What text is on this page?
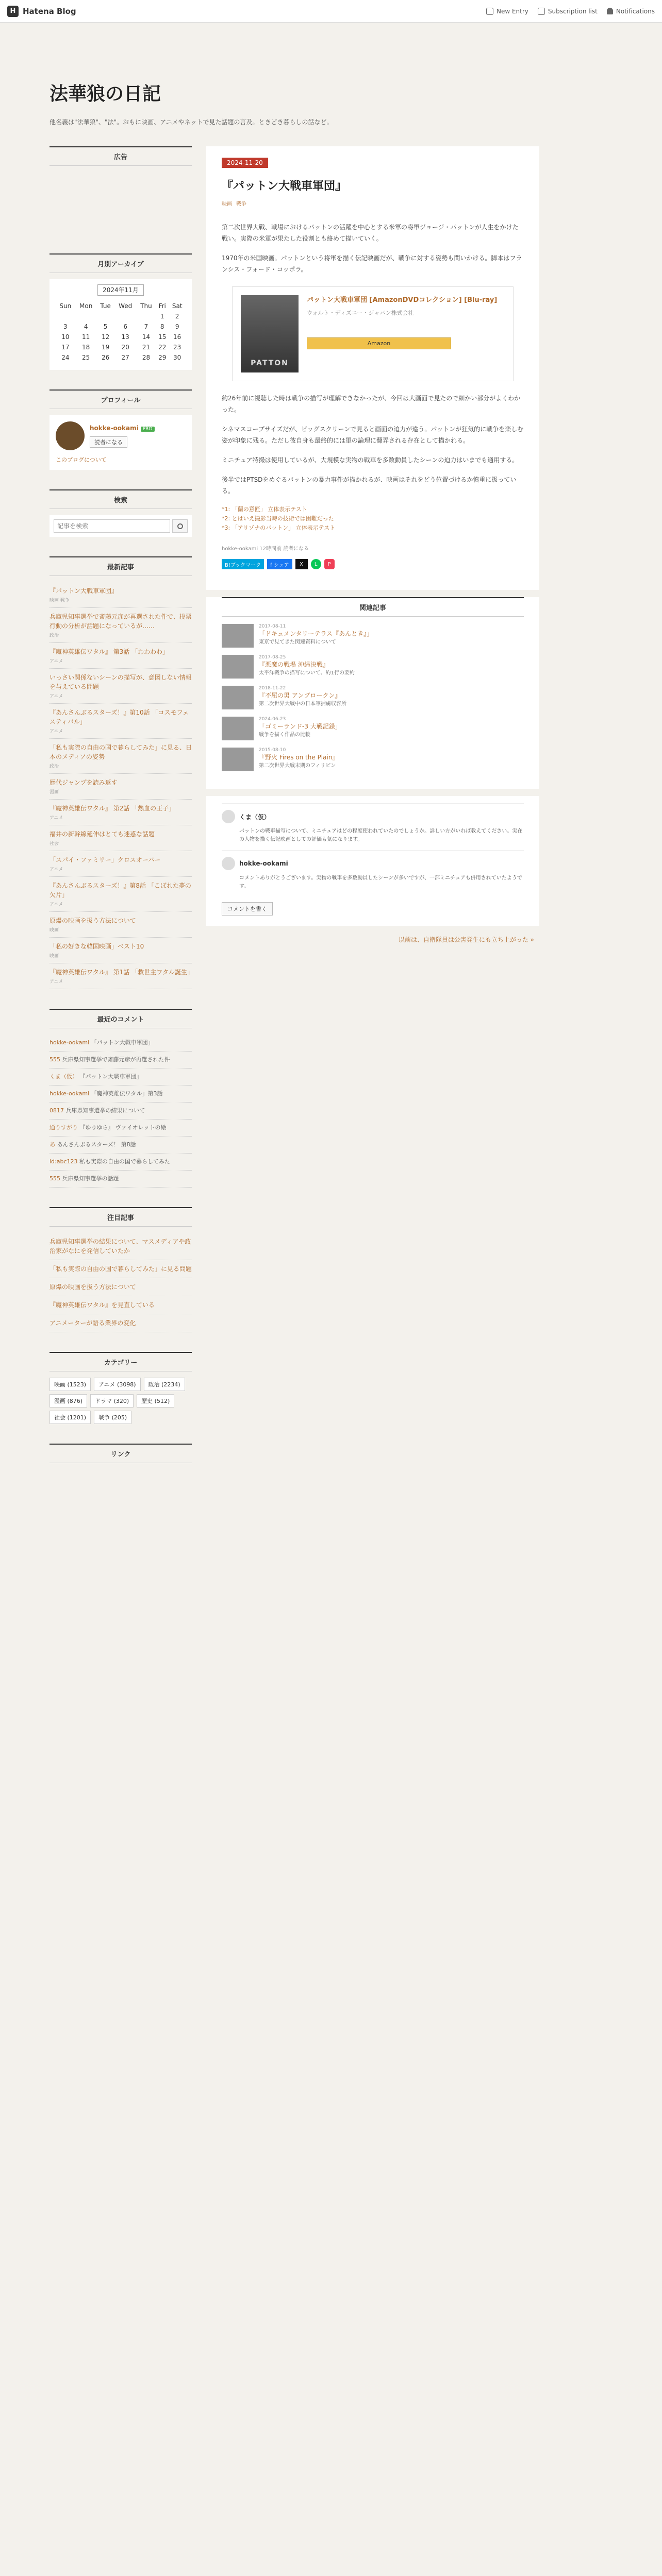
H Hatena Blog	New Entry	Subscription list	Notifications
法華狼の日記
他名義は"法華狼"、"法"。おもに映画、アニメやネットで見た話題の言及。ときどき暮らしの話など。
広告
月別アーカイブ
2024年11月
Sun	Mon	Tue	Wed	Thu	Fri	Sat
					1	2
3	4	5	6	7	8	9
10	11	12	13	14	15	16
17	18	19	20	21	22	23
24	25	26	27	28	29	30
プロフィール
hokke-ookami PRO
読者になる
このブログについて
検索
記事を検索
最新記事
『パットン大戦車軍団』
映画 戦争
兵庫県知事選挙で斎藤元彦が再選された件で、投票行動の分析が話題になっているが……
政治
『魔神英雄伝ワタル』 第3話 「わわわわ」
アニメ
いっさい関係ないシーンの描写が、意図しない情報を与えている問題
アニメ
『あんさんぶるスターズ！』第10話 「コスモフェスティバル」
アニメ
「私も実際の自由の国で暮らしてみた」に見る、日本のメディアの姿勢
政治
歴代ジャンプを読み返す
漫画
『魔神英雄伝ワタル』 第2話 「熱血の王子」
アニメ
福井の新幹線延伸はとても迷惑な話題
社会
「スパイ・ファミリー」クロスオーバー
アニメ
『あんさんぶるスターズ！』第8話 「こぼれた夢の欠片」
アニメ
原爆の映画を扱う方法について
映画
「私の好きな韓国映画」ベスト10
映画
『魔神英雄伝ワタル』 第1話 「救世主ワタル誕生」
アニメ
最近のコメント
hokke-ookami 「パットン大戦車軍団」
555 兵庫県知事選挙で斎藤元彦が再選された件
くま（仮） 『パットン大戦車軍団』
hokke-ookami 「魔神英雄伝ワタル」第3話
0817 兵庫県知事選挙の結果について
通りすがり 『ゆりゆら』 ヴァイオレットの絵
あ あんさんぶるスターズ！ 第8話
id:abc123 私も実際の自由の国で暮らしてみた
555 兵庫県知事選挙の話題
注目記事
兵庫県知事選挙の結果について、マスメディアや政治家がなにを発信していたか
「私も実際の自由の国で暮らしてみた」に見る問題
原爆の映画を扱う方法について
『魔神英雄伝ワタル』を見直している
アニメーターが語る業界の変化
カテゴリー
映画 (1523)	アニメ (3098)	政治 (2234)
漫画 (876)	ドラマ (320)	歴史 (512)
社会 (1201)	戦争 (205)
リンク
2024-11-20
『パットン大戦車軍団』
映画 戦争

第二次世界大戦、戦場におけるパットンの活躍を中心とする米軍の将軍ジョージ・パットンが人生をかけた戦い。実際の米軍が果たした役割とも絡めて描いていく。

1970年の米国映画。パットンという将軍を描く伝記映画だが、戦争に対する姿勢も問いかける。脚本はフランシス・フォード・コッポラ。

PATTON
パットン大戦車軍団 [AmazonDVDコレクション] [Blu-ray]
ウォルト・ディズニー・ジャパン株式会社
Amazon

約26年前に視聴した時は戦争の描写が理解できなかったが、今回は大画面で見たので細かい部分がよくわかった。

シネマスコープサイズだが、ビッグスクリーンで見ると画面の迫力が違う。パットンが狂気的に戦争を楽しむ姿が印象に残る。ただし彼自身も最終的には軍の論理に翻弄される存在として描かれる。

ミニチュア特撮は使用しているが、大規模な実物の戦車を多数動員したシーンの迫力はいまでも通用する。

後半ではPTSDをめぐるパットンの暴力事件が描かれるが、映画はそれをどう位置づけるか慎重に扱っている。

*1: 「蘭の意匠」 立体表示テスト
*2: とはいえ撮影当時の技術では困難だった
*3: 「アリゾナのパットン」 立体表示テスト
hokke-ookami 12時間前 読者になる
B!ブックマーク	f シェア	X	L	P
関連記事
2017-08-11
「ドキュメンタリーテラス『あんとき』」
東京で見てきた関連資料について
2017-08-25
『悪魔の戦場 沖縄決戦』
太平洋戦争の描写について、約1行の要約
2018-11-22
『不屈の男 アンブロークン』
第二次世界大戦中の日本軍捕虜収容所
2024-06-23
「ゴミーランド-3 大戦記録」
戦争を描く作品の比較
2015-08-10
『野火 Fires on the Plain』
第二次世界大戦末期のフィリピン
くま（仮）
パットンの戦車描写について、ミニチュアはどの程度使われていたのでしょうか。詳しい方がいれば教えてください。実在の人物を描く伝記映画としての評価も気になります。
hokke-ookami
コメントありがとうございます。実物の戦車を多数動員したシーンが多いですが、一部ミニチュアも併用されていたようです。
コメントを書く
以前は、自衛隊員は公害発生にも立ち上がった »
